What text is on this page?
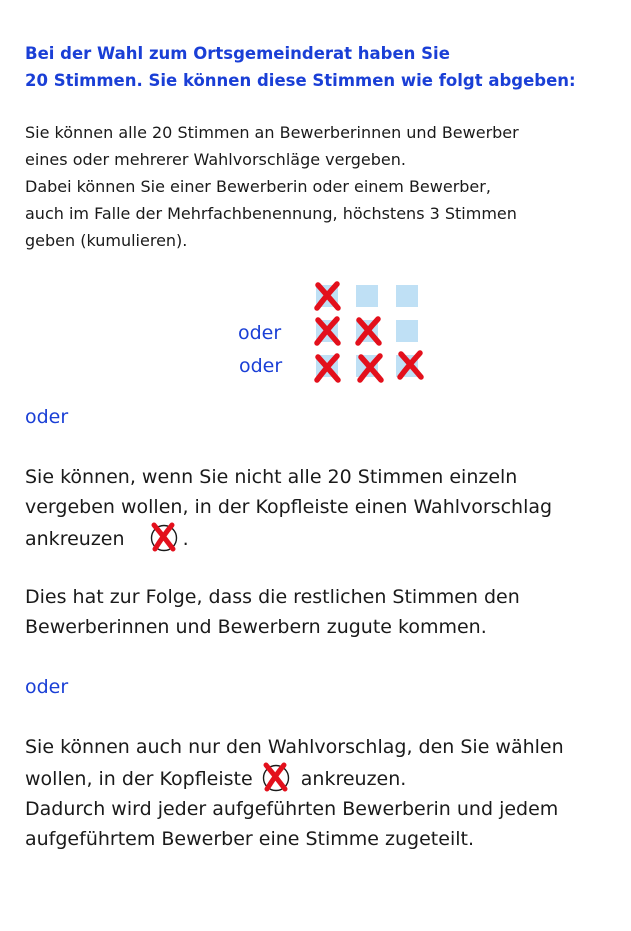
Bei der Wahl zum Ortsgemeinderat haben Sie
20 Stimmen. Sie können diese Stimmen wie folgt abgeben:
Sie können alle 20 Stimmen an Bewerberinnen und Bewerber
eines oder mehrerer Wahlvorschläge vergeben.
Dabei können Sie einer Bewerberin oder einem Bewerber,
auch im Falle der Mehrfachbenennung, höchstens 3 Stimmen
geben (kumulieren).
oder
oder
oder
Sie können, wenn Sie nicht alle 20 Stimmen einzeln
vergeben wollen, in der Kopfleiste einen Wahlvorschlag
ankreuzen	.
Dies hat zur Folge, dass die restlichen Stimmen den
Bewerberinnen und Bewerbern zugute kommen.
oder
Sie können auch nur den Wahlvorschlag, den Sie wählen
wollen, in der Kopfleiste	ankreuzen.
Dadurch wird jeder aufgeführten Bewerberin und jedem
aufgeführtem Bewerber eine Stimme zugeteilt.
